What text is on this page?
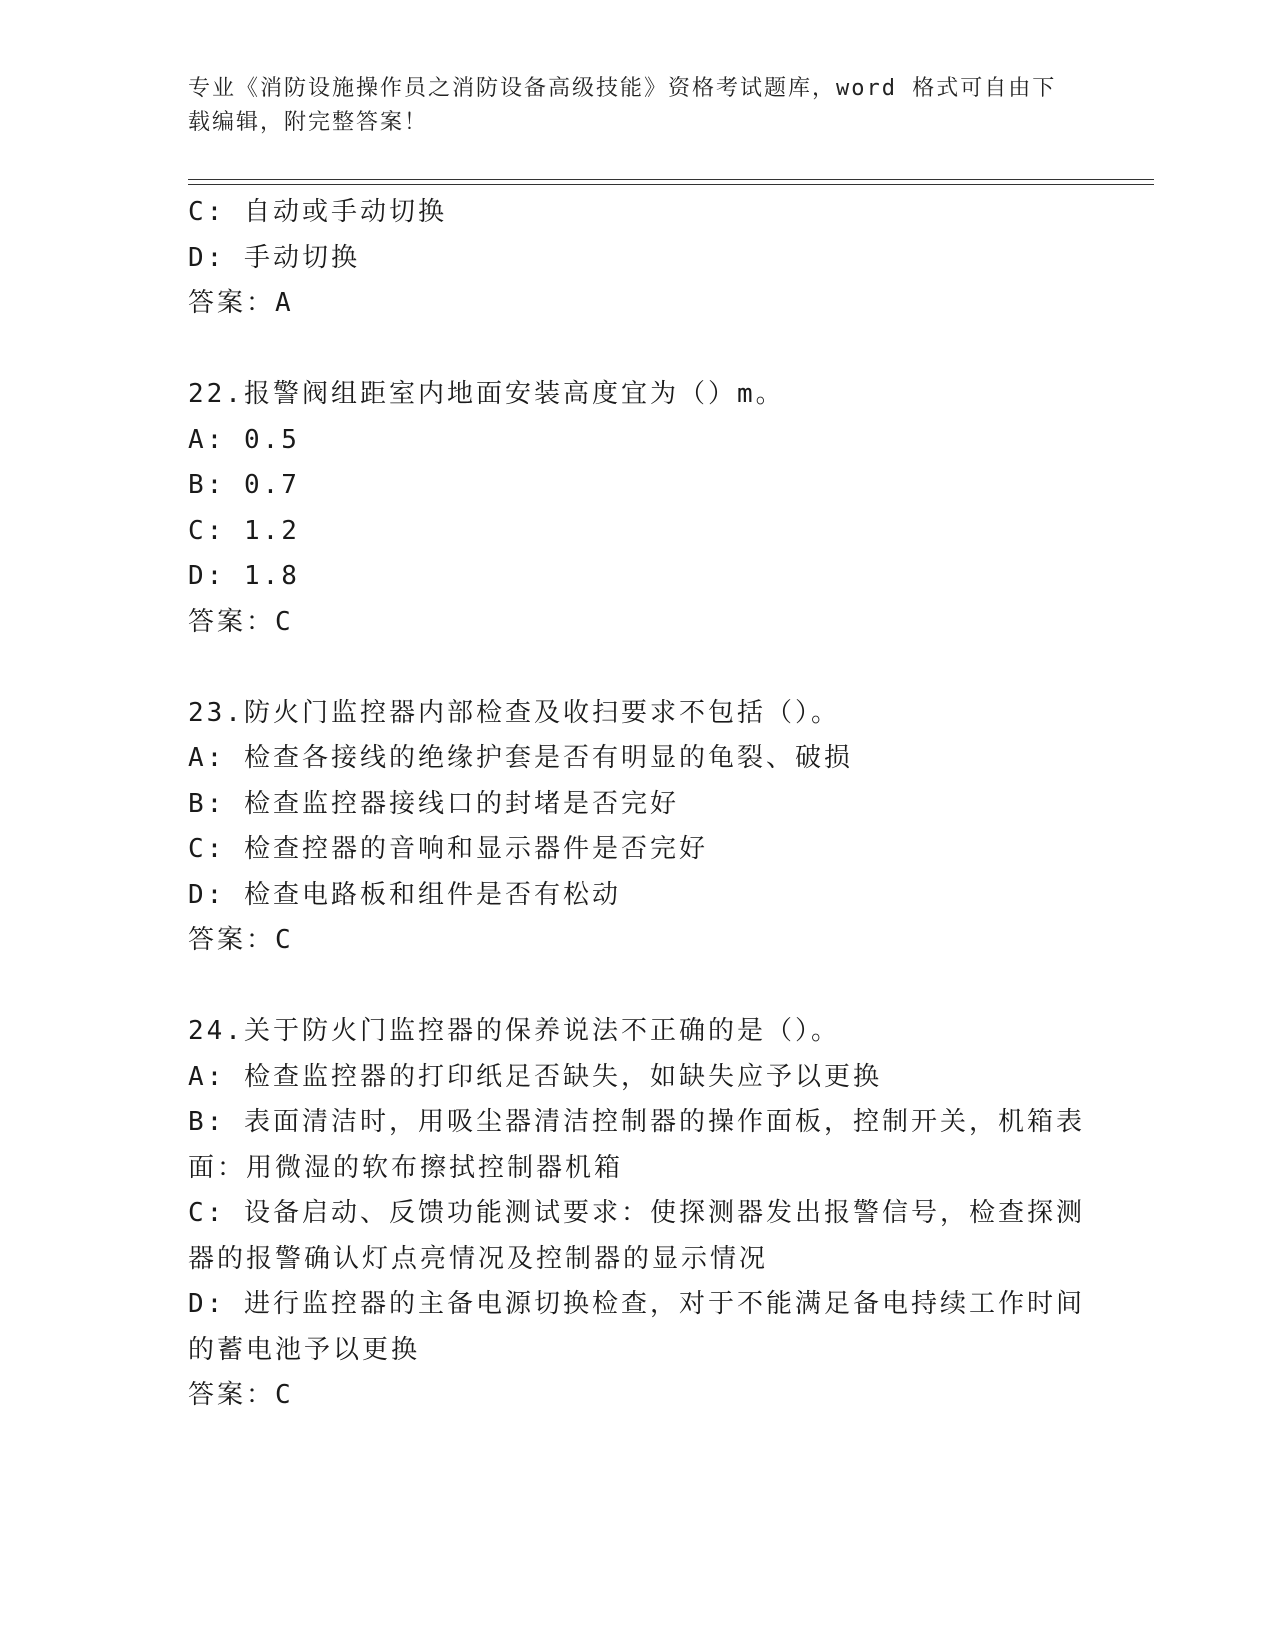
专业《消防设施操作员之消防设备高级技能》资格考试题库，word 格式可自由下
载编辑，附完整答案！
C: 自动或手动切换
D: 手动切换
答案：A
22.报警阀组距室内地面安装高度宜为（）m。
A: 0.5
B: 0.7
C: 1.2
D: 1.8
答案：C
23.防火门监控器内部检查及收扫要求不包括（）。
A: 检查各接线的绝缘护套是否有明显的龟裂、破损
B: 检查监控器接线口的封堵是否完好
C: 检查控器的音响和显示器件是否完好
D: 检查电路板和组件是否有松动
答案：C
24.关于防火门监控器的保养说法不正确的是（）。
A: 检查监控器的打印纸足否缺失，如缺失应予以更换
B: 表面清洁时，用吸尘器清洁控制器的操作面板，控制开关，机箱表
面：用微湿的软布擦拭控制器机箱
C: 设备启动、反馈功能测试要求：使探测器发出报警信号，检查探测
器的报警确认灯点亮情况及控制器的显示情况
D: 进行监控器的主备电源切换检查，对于不能满足备电持续工作时间
的蓄电池予以更换
答案：C
